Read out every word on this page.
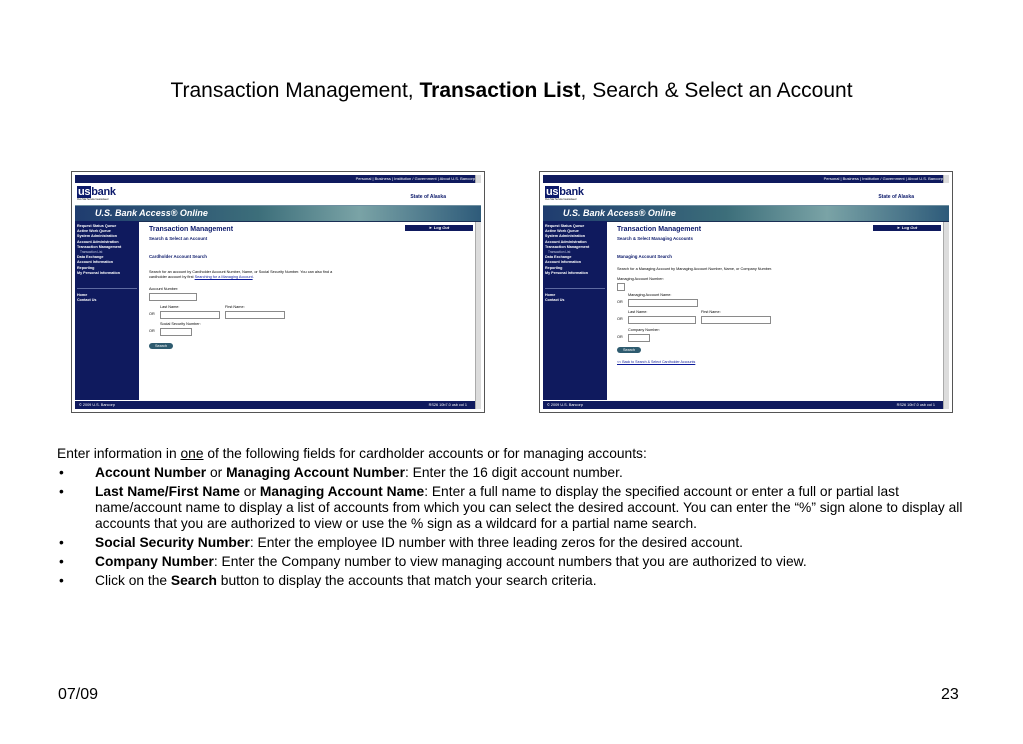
Transaction Management, Transaction List, Search & Select an Account
Personal | Business | Institution / Government | About U.S. Bancorp
usbank
Five Star Service Guaranteed	State of Alaska
U.S. Bank Access® Online
Request Status Queue
Active Work Queue
System Administration
Account Administration
Transaction Management
Transaction List
Data Exchange
Account Information
Reporting
My Personal Information
Home
Contact Us
► Log Out
Transaction Management
Search & Select an Account
Cardholder Account Search
Search for an account by Cardholder Account Number, Name, or Social Security Number. You can also find a
cardholder account by first Searching for a Managing Account.
Account Number:
Last Name:	First Name:
OR
Social Security Number:
OR
Search
© 2009 U.S. Bancorp	RS26 10b7.0 usb col 1
Personal | Business | Institution / Government | About U.S. Bancorp
usbank
Five Star Service Guaranteed	State of Alaska
U.S. Bank Access® Online
Request Status Queue
Active Work Queue
System Administration
Account Administration
Transaction Management
Transaction List
Data Exchange
Account Information
Reporting
My Personal Information
Home
Contact Us
► Log Out
Transaction Management
Search & Select Managing Accounts
Managing Account Search
Search for a Managing Account by Managing Account Number, Name, or Company Number.
Managing Account Number:
Managing Account Name:
OR
Last Name:	First Name:
OR
Company Number:
OR
Search
<< Back to Search & Select Cardholder Accounts
© 2009 U.S. Bancorp	RS26 10b7.0 usb col 1
Enter information in one of the following fields for cardholder accounts or for managing accounts:
• Account Number or Managing Account Number: Enter the 16 digit account number.
• Last Name/First Name or Managing Account Name: Enter a full name to display the specified account or enter a full or partial last name/account name to display a list of accounts from which you can select the desired account. You can enter the “%” sign alone to display all accounts that you are authorized to view or use the % sign as a wildcard for a partial name search.
• Social Security Number: Enter the employee ID number with three leading zeros for the desired account.
• Company Number: Enter the Company number to view managing account numbers that you are authorized to view.
• Click on the Search button to display the accounts that match your search criteria.
07/09	23
